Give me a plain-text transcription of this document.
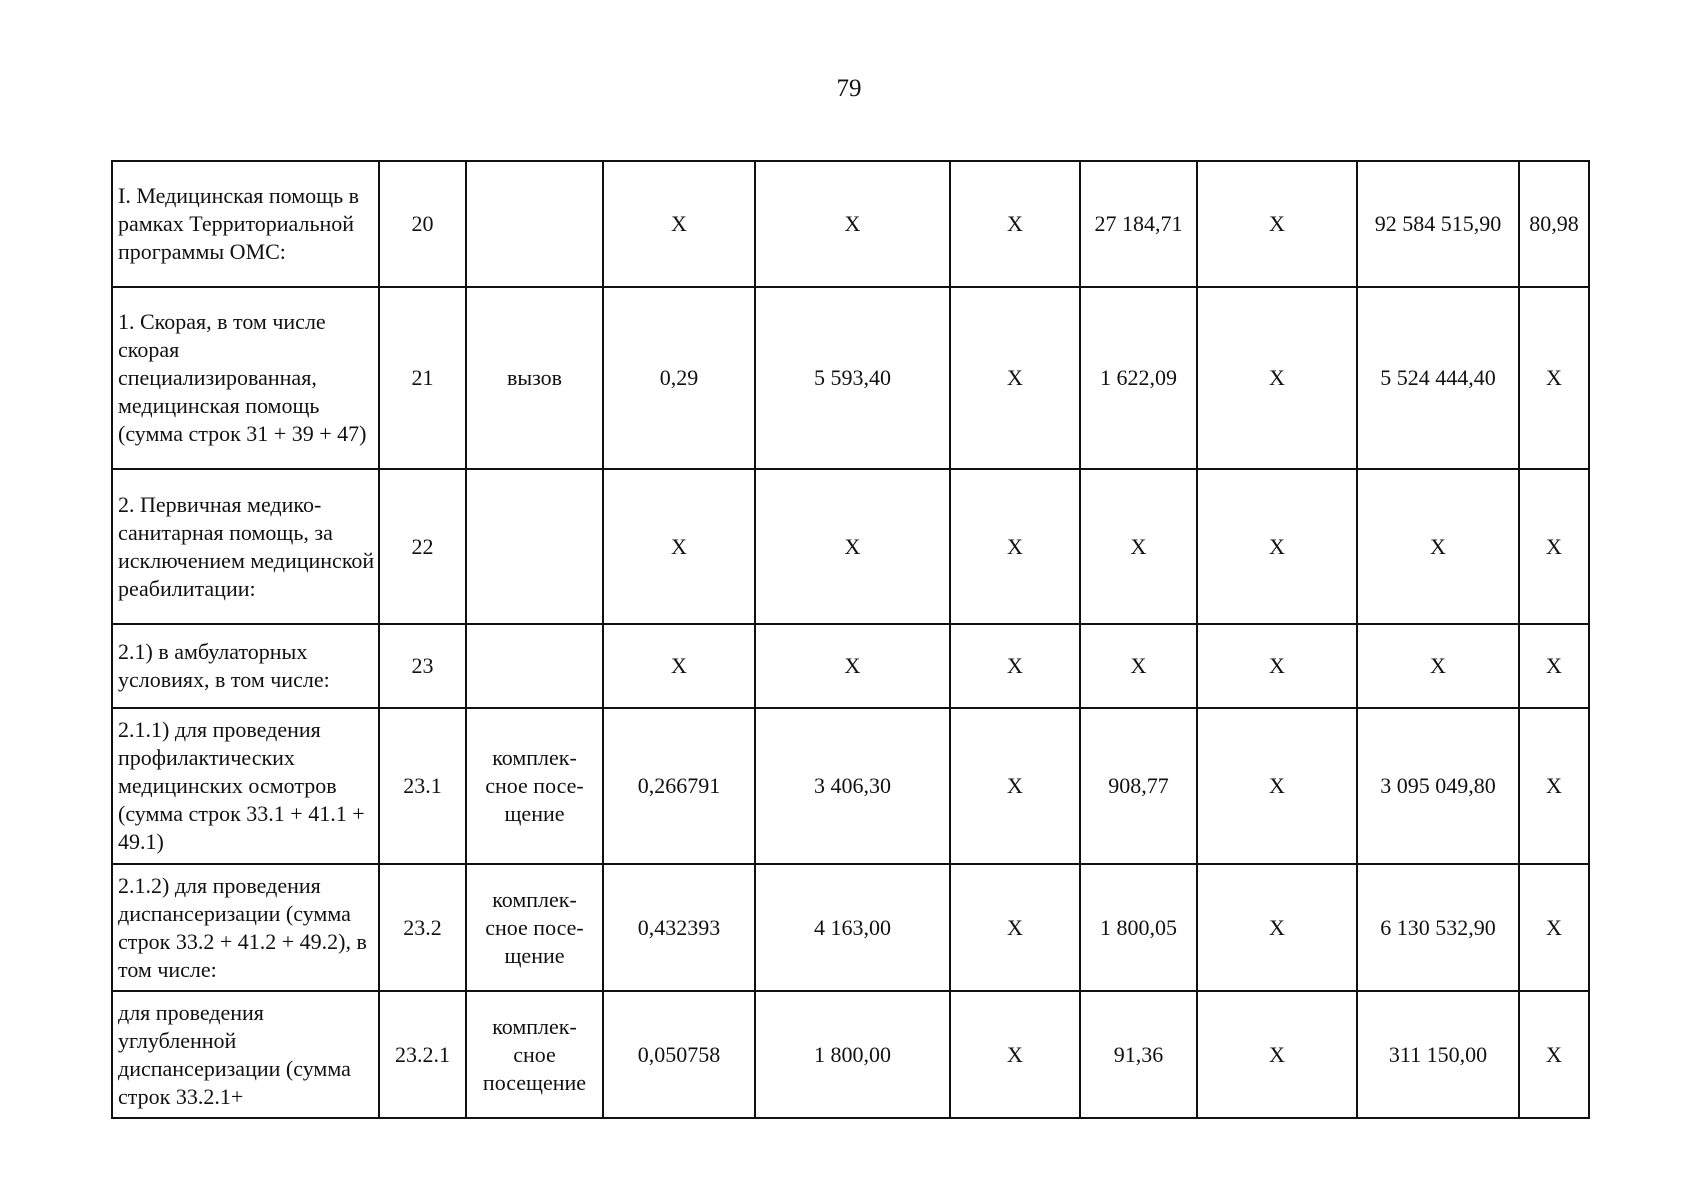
79
I. Медицинская помощь в рамках Территориальной программы ОМС:	20		X	X	X	27 184,71	X	92 584 515,90	80,98
1. Скорая, в том числе скорая специализированная, медицинская помощь (сумма строк 31 + 39 + 47)	21	вызов	0,29	5 593,40	X	1 622,09	X	5 524 444,40	X
2. Первичная медико-санитарная помощь, за исключением медицинской реабилитации:	22		X	X	X	X	X	X	X
2.1) в амбулаторных условиях, в том числе:	23		X	X	X	X	X	X	X
2.1.1) для проведения профилактических медицинских осмотров (сумма строк 33.1 + 41.1 + 49.1)	23.1	комплек-сное посе-щение	0,266791	3 406,30	X	908,77	X	3 095 049,80	X
2.1.2) для проведения диспансеризации (сумма строк 33.2 + 41.2 + 49.2), в том числе:	23.2	комплек-сное посе-щение	0,432393	4 163,00	X	1 800,05	X	6 130 532,90	X
для проведения углубленной диспансеризации (сумма строк 33.2.1+	23.2.1	комплек-сное посещение	0,050758	1 800,00	X	91,36	X	311 150,00	X
